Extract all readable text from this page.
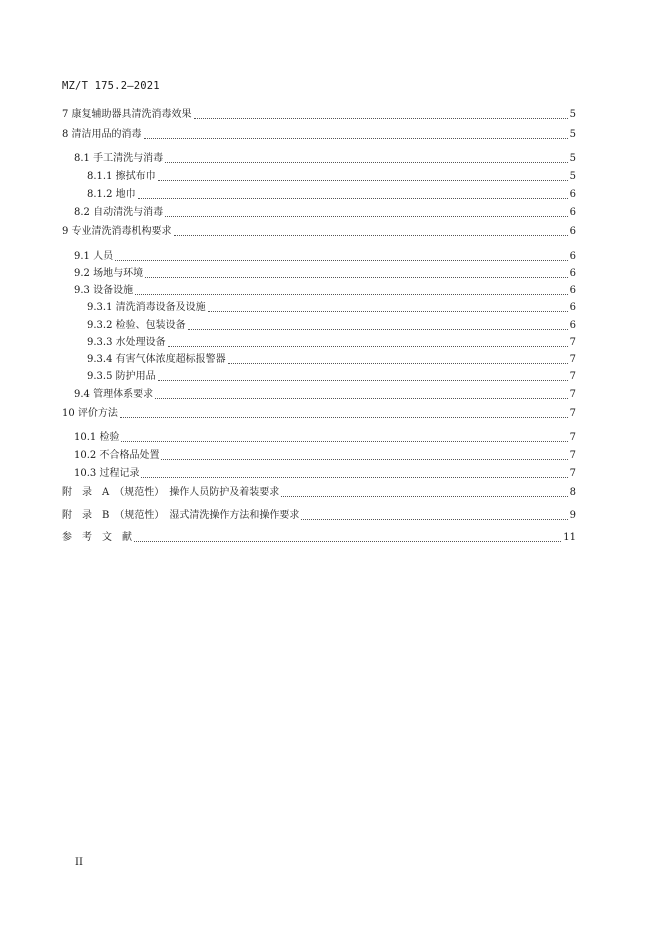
MZ/T 175.2—2021
7 康复辅助器具清洗消毒效果	5
8 清洁用品的消毒	5
8.1 手工清洗与消毒	5
8.1.1 擦拭布巾	5
8.1.2 地巾	6
8.2 自动清洗与消毒	6
9 专业清洗消毒机构要求	6
9.1 人员	6
9.2 场地与环境	6
9.3 设备设施	6
9.3.1 清洗消毒设备及设施	6
9.3.2 检验、包装设备	6
9.3.3 水处理设备	7
9.3.4 有害气体浓度超标报警器	7
9.3.5 防护用品	7
9.4 管理体系要求	7
10 评价方法	7
10.1 检验	7
10.2 不合格品处置	7
10.3 过程记录	7
附　录　A　（规范性）　操作人员防护及着装要求	8
附　录　B　（规范性）　湿式清洗操作方法和操作要求	9
参　考　文　献	11
II
